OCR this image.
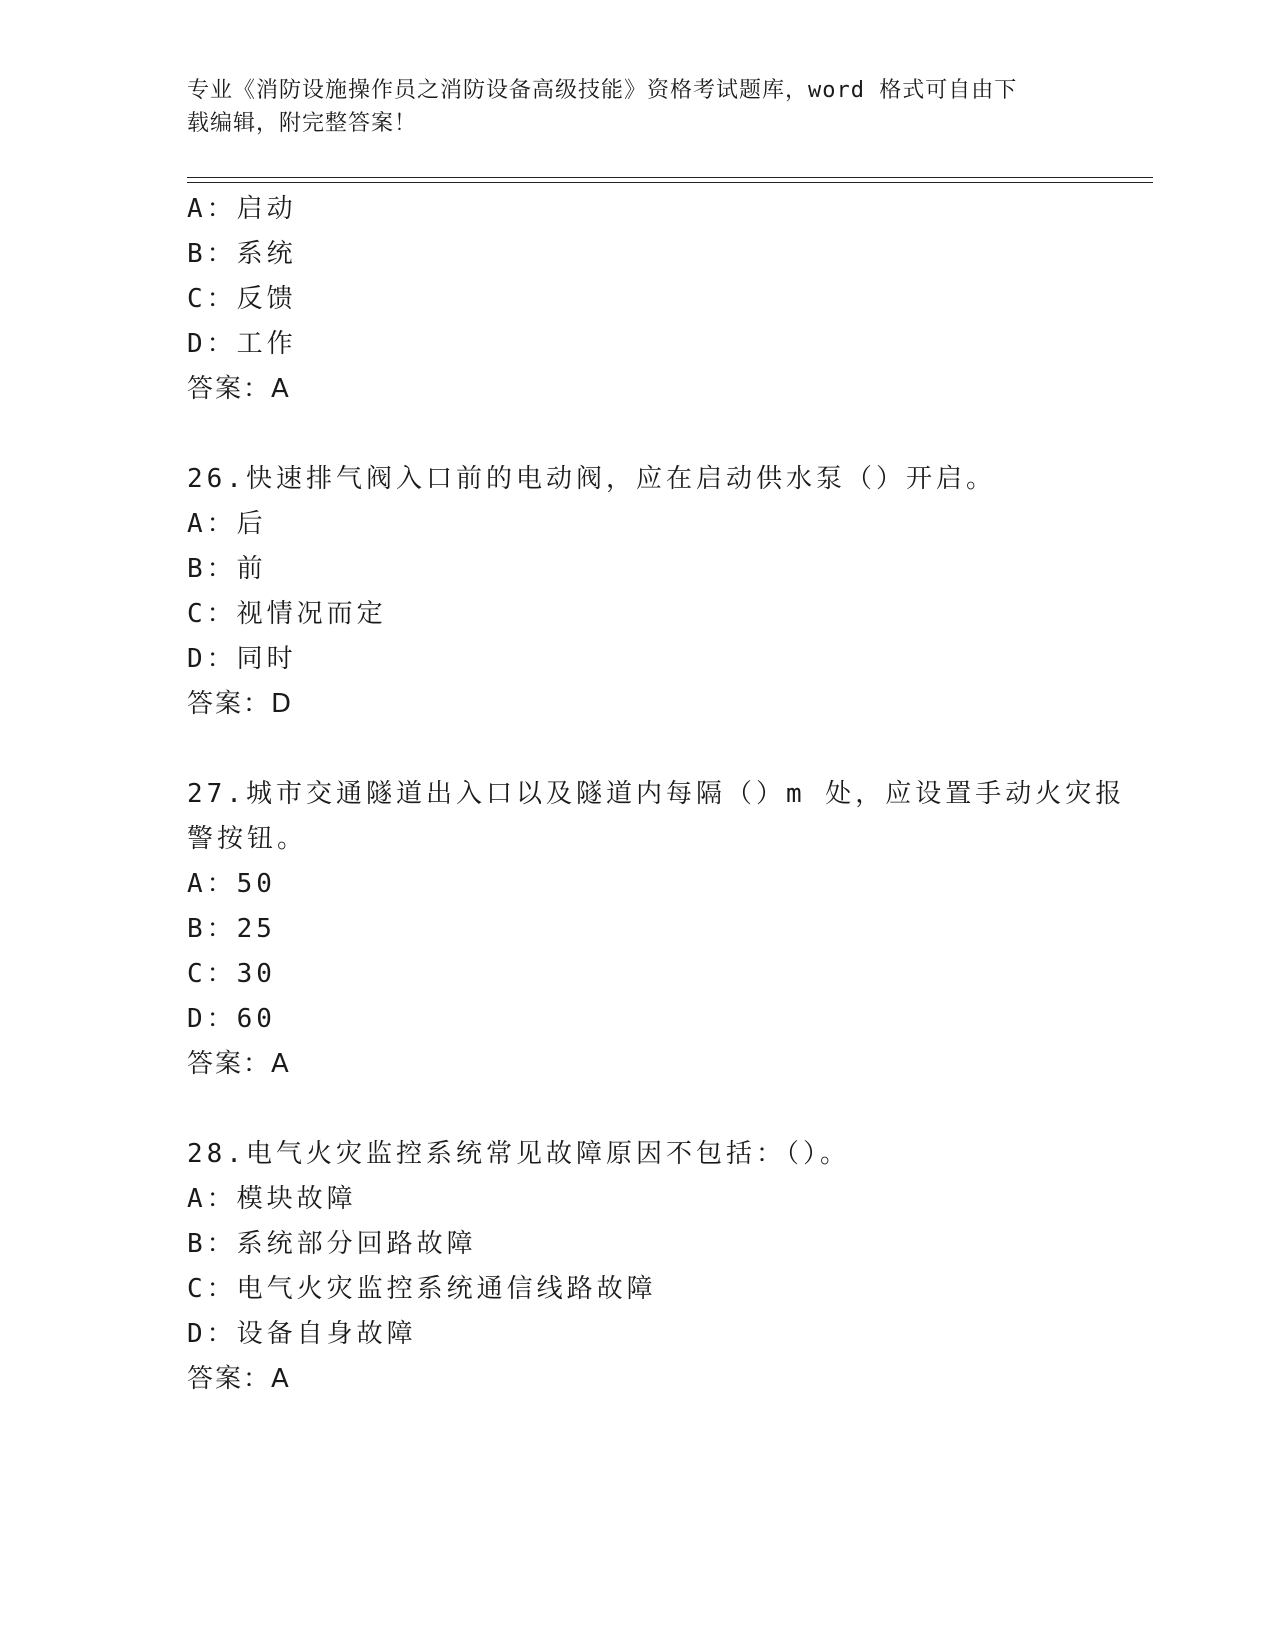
专业《消防设施操作员之消防设备高级技能》资格考试题库，word 格式可自由下
载编辑，附完整答案！
A：启动
B：系统
C：反馈
D：工作
答案：A
26.快速排气阀入口前的电动阀，应在启动供水泵（）开启。
A：后
B：前
C：视情况而定
D：同时
答案：D
27.城市交通隧道出入口以及隧道内每隔（）m 处，应设置手动火灾报
警按钮。
A：50
B：25
C：30
D：60
答案：A
28.电气火灾监控系统常见故障原因不包括：（）。
A：模块故障
B：系统部分回路故障
C：电气火灾监控系统通信线路故障
D：设备自身故障
答案：A
